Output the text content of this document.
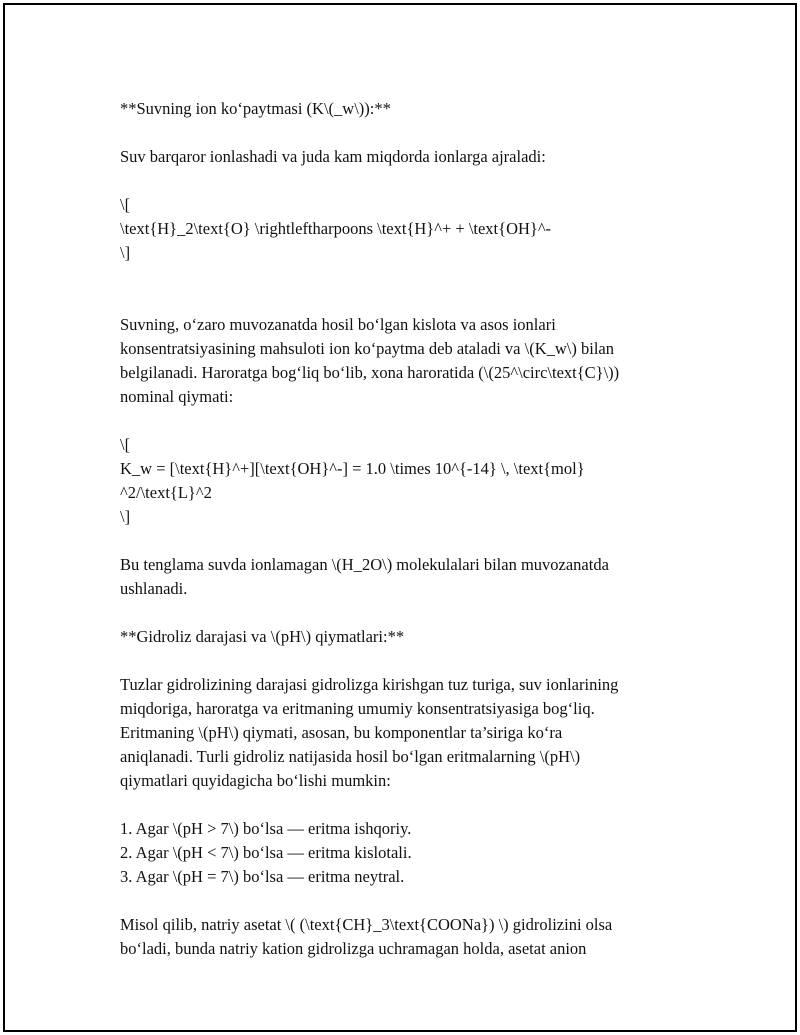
**Suvning ion ko‘paytmasi (K\(_w\)):**
Suv barqaror ionlashadi va juda kam miqdorda ionlarga ajraladi:
\[
\text{H}_2\text{O} \rightleftharpoons \text{H}^+ + \text{OH}^-
\]
Suvning, o‘zaro muvozanatda hosil bo‘lgan kislota va asos ionlari
konsentratsiyasining mahsuloti ion ko‘paytma deb ataladi va \(K_w\) bilan
belgilanadi. Haroratga bog‘liq bo‘lib, xona haroratida (\(25^\circ\text{C}\))
nominal qiymati:
\[
K_w = [\text{H}^+][\text{OH}^-] = 1.0 \times 10^{-14} \, \text{mol}
^2/\text{L}^2
\]
Bu tenglama suvda ionlamagan \(H_2O\) molekulalari bilan muvozanatda
ushlanadi.
**Gidroliz darajasi va \(pH\) qiymatlari:**
Tuzlar gidrolizining darajasi gidrolizga kirishgan tuz turiga, suv ionlarining
miqdoriga, haroratga va eritmaning umumiy konsentratsiyasiga bog‘liq.
Eritmaning \(pH\) qiymati, asosan, bu komponentlar ta’siriga ko‘ra
aniqlanadi. Turli gidroliz natijasida hosil bo‘lgan eritmalarning \(pH\)
qiymatlari quyidagicha bo‘lishi mumkin:
1. Agar \(pH > 7\) bo‘lsa — eritma ishqoriy.
2. Agar \(pH < 7\) bo‘lsa — eritma kislotali.
3. Agar \(pH = 7\) bo‘lsa — eritma neytral.
Misol qilib, natriy asetat \( (\text{CH}_3\text{COONa}) \) gidrolizini olsa
bo‘ladi, bunda natriy kation gidrolizga uchramagan holda, asetat anion
